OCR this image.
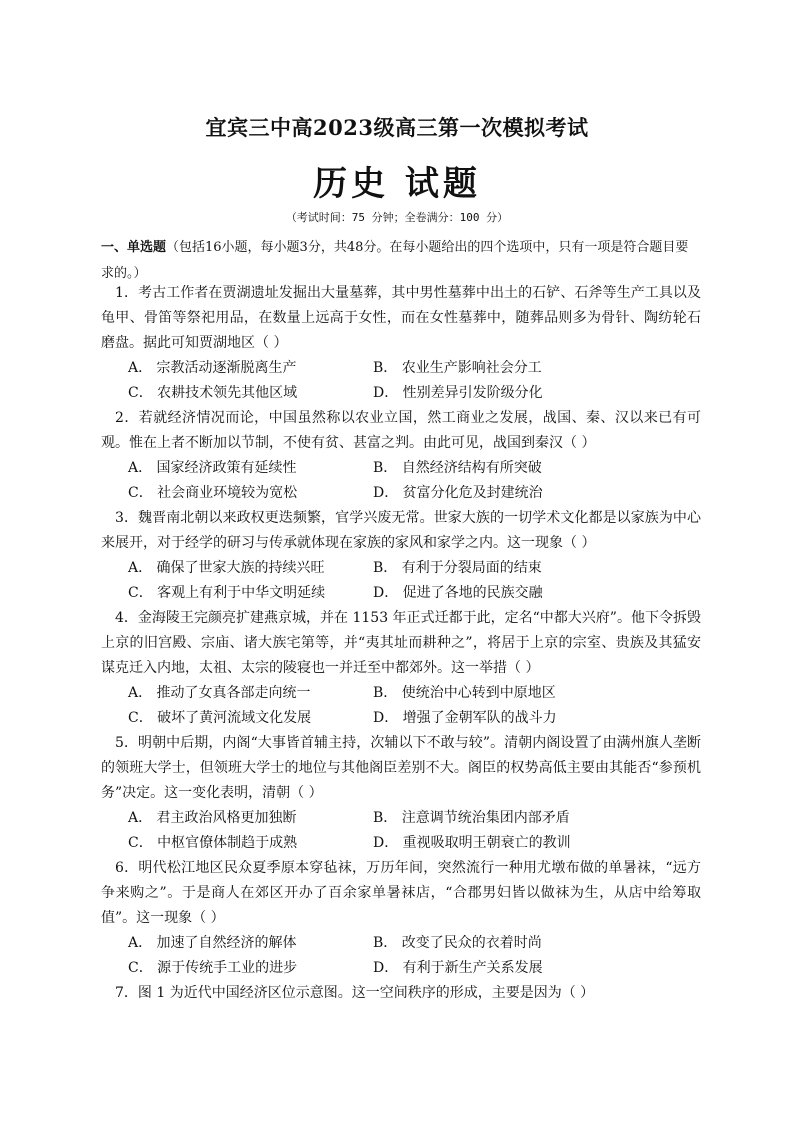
宜宾三中高2023级高三第一次模拟考试
历史 试题
（考试时间：75 分钟；全卷满分：100 分）
一、单选题（包括16小题，每小题3分，共48分。在每小题给出的四个选项中，只有一项是符合题目要求的。）
1．考古工作者在贾湖遗址发掘出大量墓葬，其中男性墓葬中出土的石铲、石斧等生产工具以及龟甲、骨笛等祭祀用品，在数量上远高于女性，而在女性墓葬中，随葬品则多为骨针、陶纺轮石磨盘。据此可知贾湖地区（ ）
A． 宗教活动逐渐脱离生产	B． 农业生产影响社会分工
C． 农耕技术领先其他区域	D． 性别差异引发阶级分化
2．若就经济情况而论，中国虽然称以农业立国，然工商业之发展，战国、秦、汉以来已有可观。惟在上者不断加以节制，不使有贫、甚富之判。由此可见，战国到秦汉（ ）
A． 国家经济政策有延续性	B． 自然经济结构有所突破
C． 社会商业环境较为宽松	D． 贫富分化危及封建统治
3．魏晋南北朝以来政权更迭频繁，官学兴废无常。世家大族的一切学术文化都是以家族为中心来展开，对于经学的研习与传承就体现在家族的家风和家学之内。这一现象（ ）
A． 确保了世家大族的持续兴旺	B． 有利于分裂局面的结束
C． 客观上有利于中华文明延续	D． 促进了各地的民族交融
4．金海陵王完颜亮扩建燕京城，并在 1153 年正式迁都于此，定名“中都大兴府”。他下令拆毁上京的旧宫殿、宗庙、诸大族宅第等，并“夷其址而耕种之”，将居于上京的宗室、贵族及其猛安谋克迁入内地，太祖、太宗的陵寝也一并迁至中都郊外。这一举措（ ）
A． 推动了女真各部走向统一	B． 使统治中心转到中原地区
C． 破坏了黄河流域文化发展	D． 增强了金朝军队的战斗力
5．明朝中后期，内阁“大事皆首辅主持，次辅以下不敢与较”。清朝内阁设置了由满州旗人垄断的领班大学士，但领班大学士的地位与其他阁臣差别不大。阁臣的权势高低主要由其能否“参预机务”决定。这一变化表明，清朝（ ）
A． 君主政治风格更加独断	B． 注意调节统治集团内部矛盾
C． 中枢官僚体制趋于成熟	D． 重视吸取明王朝衰亡的教训
6．明代松江地区民众夏季原本穿毡袜，万历年间，突然流行一种用尤墩布做的单暑袜，“远方争来购之”。于是商人在郊区开办了百余家单暑袜店，“合郡男妇皆以做袜为生，从店中给筹取值”。这一现象（ ）
A． 加速了自然经济的解体	B． 改变了民众的衣着时尚
C． 源于传统手工业的进步	D． 有利于新生产关系发展
7．图 1 为近代中国经济区位示意图。这一空间秩序的形成，主要是因为（ ）
